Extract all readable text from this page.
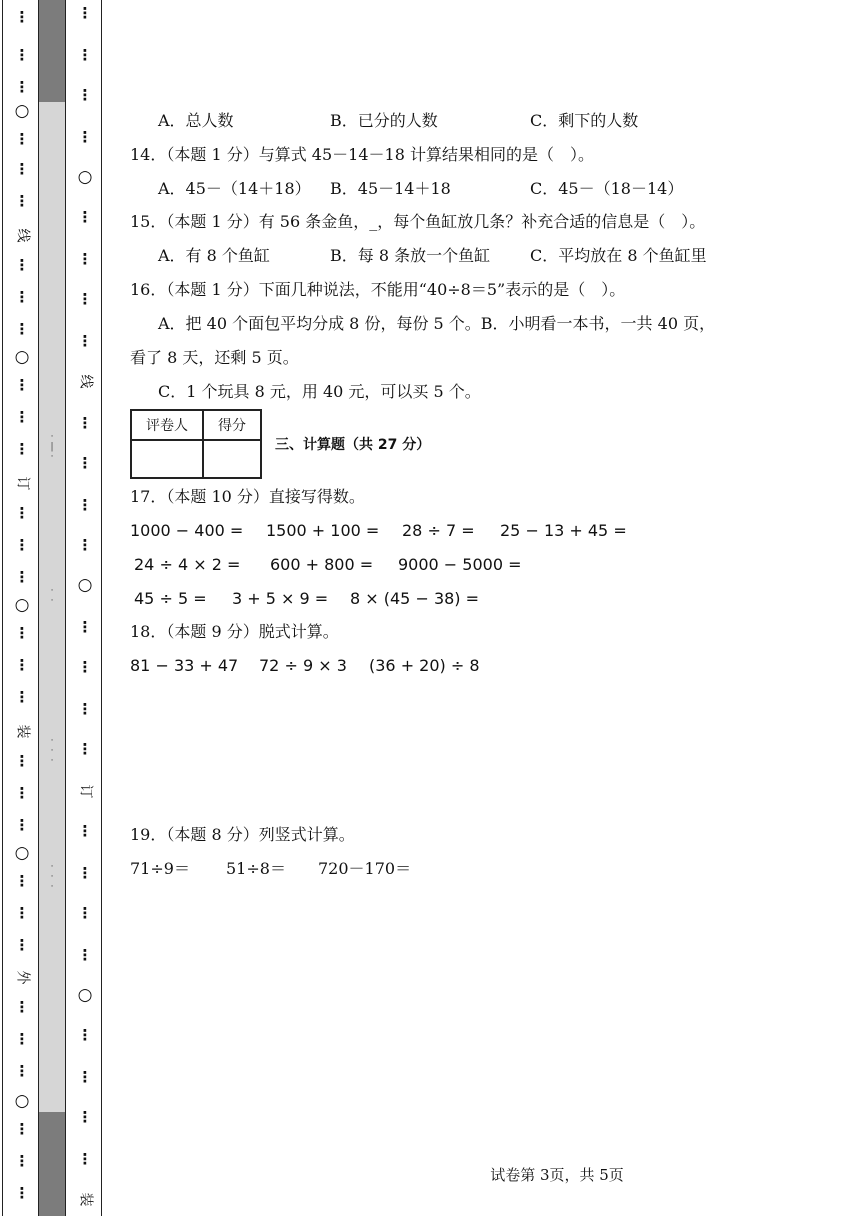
⋮
⋮
⋮
○
⋮
⋮
⋮
线
⋮
⋮
⋮
○
⋮
⋮
⋮
订
⋮
⋮
⋮
○
⋮
⋮
⋮
装
⋮
⋮
⋮
○
⋮
⋮
⋮
外
⋮
⋮
⋮
○
⋮
⋮
⋮
·
|
·
·
·
·
·
·
·
·
·
⋮
⋮
⋮
⋮
○
⋮
⋮
⋮
⋮
线
⋮
⋮
⋮
⋮
○
⋮
⋮
⋮
⋮
订
⋮
⋮
⋮
⋮
○
⋮
⋮
⋮
⋮
装
A．总人数	B．已分的人数	C．剩下的人数
14．（本题 1 分）与算式 45－14－18 计算结果相同的是（　）。
A．45－（14＋18） B．45－14＋18	C．45－（18－14）
15．（本题 1 分）有 56 条金鱼，_，每个鱼缸放几条？补充合适的信息是（　）。
A．有 8 个鱼缸	B．每 8 条放一个鱼缸 C．平均放在 8 个鱼缸里
16．（本题 1 分）下面几种说法，不能用“40÷8＝5”表示的是（　）。
A．把 40 个面包平均分成 8 份，每份 5 个。B．小明看一本书，一共 40 页，
看了 8 天，还剩 5 页。
C．1 个玩具 8 元，用 40 元，可以买 5 个。
评卷人	得分

三、计算题（共 27 分）
17．（本题 10 分）直接写得数。
1000 − 400 = 1500 + 100 = 28 ÷ 7 = 25 − 13 + 45 =
24 ÷ 4 × 2 = 600 + 800 = 9000 − 5000 =
45 ÷ 5 = 3 + 5 × 9 = 8 × (45 − 38) =
18．（本题 9 分）脱式计算。
81 − 33 + 47 72 ÷ 9 × 3 (36 + 20) ÷ 8
19．（本题 8 分）列竖式计算。
71÷9＝ 51÷8＝ 720－170＝
试卷第 3页，共 5页
